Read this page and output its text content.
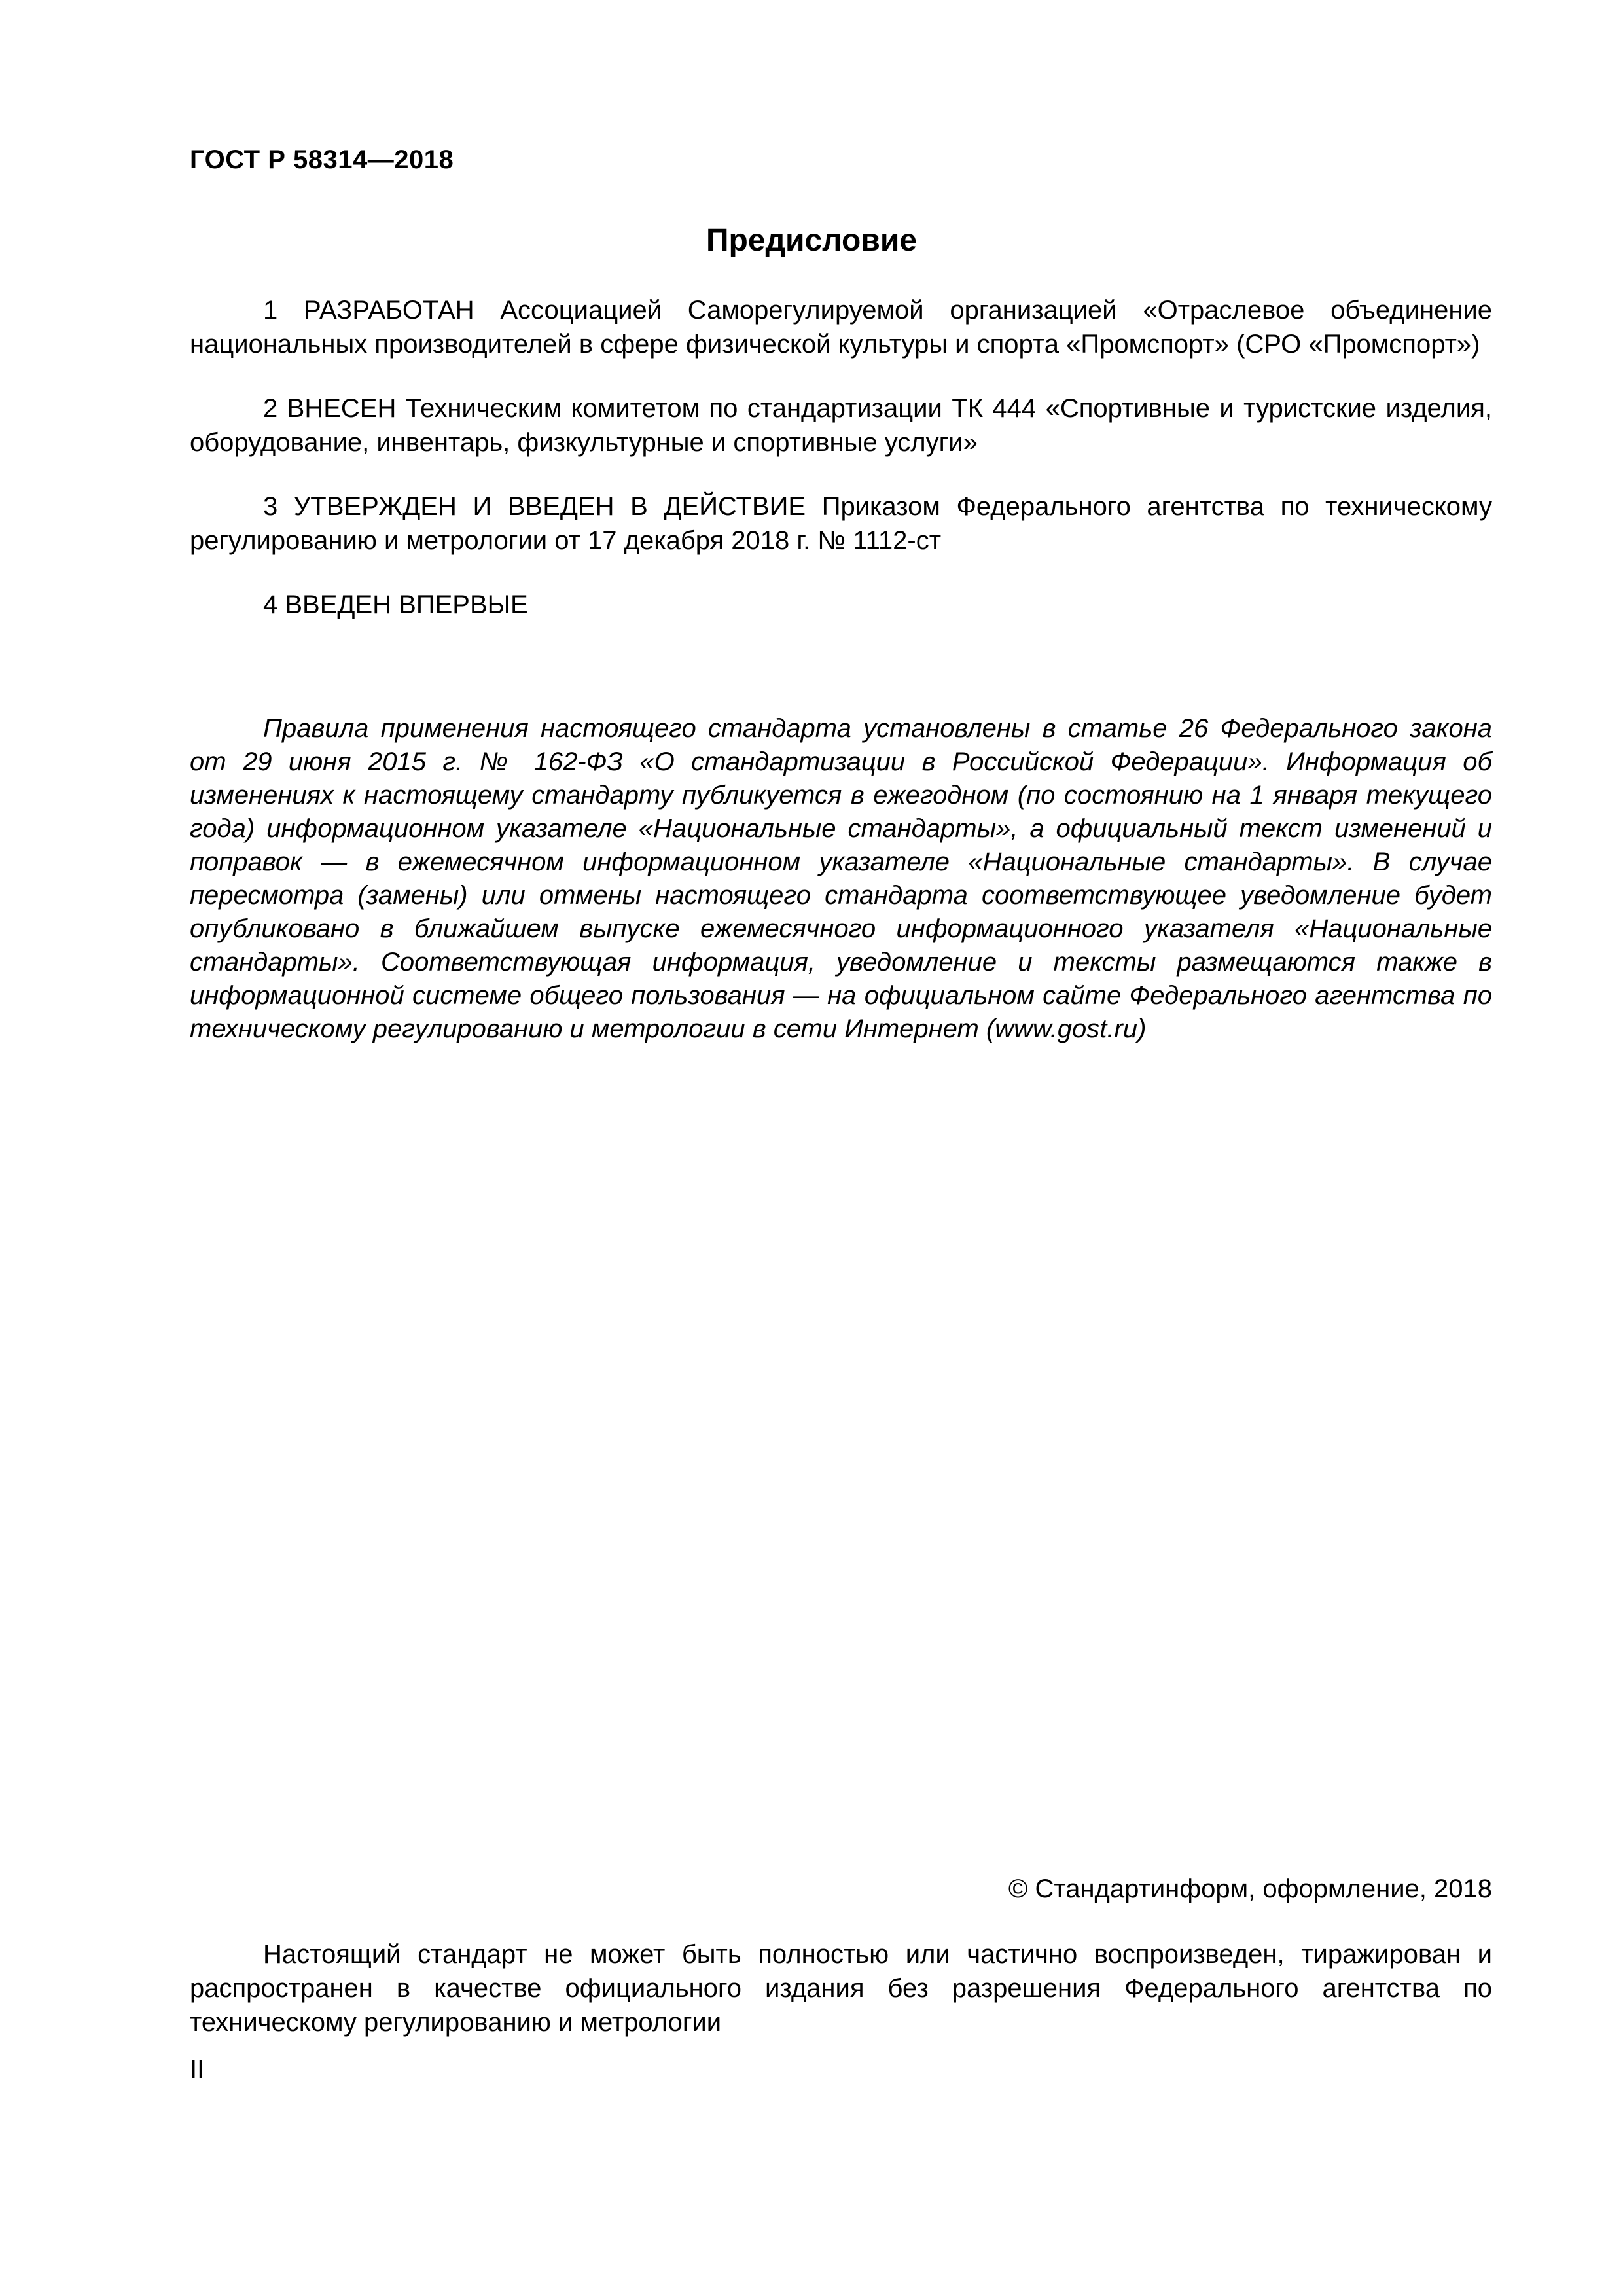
ГОСТ Р 58314—2018
Предисловие

1 РАЗРАБОТАН Ассоциацией Саморегулируемой организацией «Отраслевое объединение национальных производителей в сфере физической культуры и спорта «Промспорт» (СРО «Промспорт»)

2 ВНЕСЕН Техническим комитетом по стандартизации ТК 444 «Спортивные и туристские изделия, оборудование, инвентарь, физкультурные и спортивные услуги»

3 УТВЕРЖДЕН И ВВЕДЕН В ДЕЙСТВИЕ Приказом Федерального агентства по техническому регулированию и метрологии от 17 декабря 2018 г. № 1112-ст

4 ВВЕДЕН ВПЕРВЫЕ

Правила применения настоящего стандарта установлены в статье 26 Федерального закона от 29 июня 2015 г. № 162-ФЗ «О стандартизации в Российской Федерации». Информация об изменениях к настоящему стандарту публикуется в ежегодном (по состоянию на 1 января текущего года) информационном указателе «Национальные стандарты», а официальный текст изменений и поправок — в ежемесячном информационном указателе «Национальные стандарты». В случае пересмотра (замены) или отмены настоящего стандарта соответствующее уведомление будет опубликовано в ближайшем выпуске ежемесячного информационного указателя «Национальные стандарты». Соответствующая информация, уведомление и тексты размещаются также в информационной системе общего пользования — на официальном сайте Федерального агентства по техническому регулированию и метрологии в сети Интернет (www.gost.ru)

© Стандартинформ, оформление, 2018

Настоящий стандарт не может быть полностью или частично воспроизведен, тиражирован и распространен в качестве официального издания без разрешения Федерального агентства по техническому регулированию и метрологии

II
